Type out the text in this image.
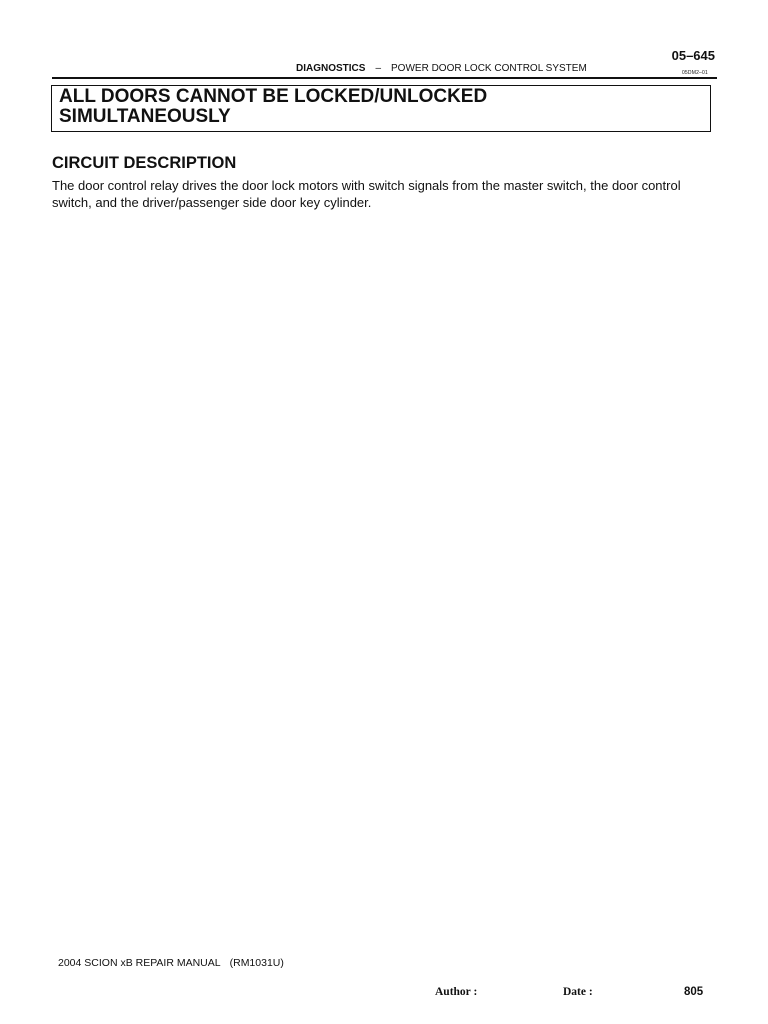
05–645
DIAGNOSTICS – POWER DOOR LOCK CONTROL SYSTEM	05DM2–01
ALL DOORS CANNOT BE LOCKED/UNLOCKED
SIMULTANEOUSLY
CIRCUIT DESCRIPTION
The door control relay drives the door lock motors with switch signals from the master switch, the door control switch, and the driver/passenger side door key cylinder.
2004 SCION xB REPAIR MANUAL (RM1031U)
Author :	Date :	805
